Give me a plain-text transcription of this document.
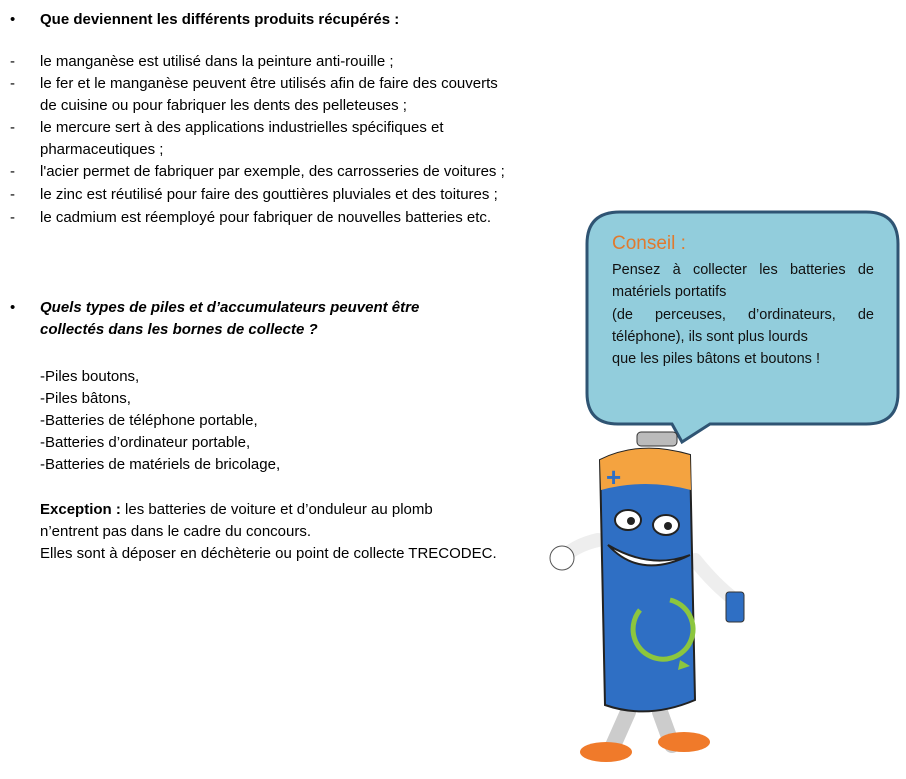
• Que deviennent les différents produits récupérés :
- le manganèse est utilisé dans la peinture anti-rouille ;
- le fer et le manganèse peuvent être utilisés afin de faire des couverts
de cuisine ou pour fabriquer les dents des pelleteuses ;
- le mercure sert à des applications industrielles spécifiques et
pharmaceutiques ;
- l'acier permet de fabriquer par exemple, des carrosseries de voitures ;
- le zinc est réutilisé pour faire des gouttières pluviales et des toitures ;
- le cadmium est réemployé pour fabriquer de nouvelles batteries etc.
• Quels types de piles et d’accumulateurs peuvent être
collectés dans les bornes de collecte ?
-Piles boutons,
-Piles bâtons,
-Batteries de téléphone portable,
-Batteries d’ordinateur portable,
-Batteries de matériels de bricolage,
Exception : les batteries de voiture et d’onduleur au plomb
n’entrent pas dans le cadre du concours.
Elles sont à déposer en déchèterie ou point de collecte TRECODEC.
+
Conseil :
Pensez à collecter les batteries de
matériels portatifs
(de perceuses, d’ordinateurs, de
téléphone), ils sont plus lourds
que les piles bâtons et boutons !
